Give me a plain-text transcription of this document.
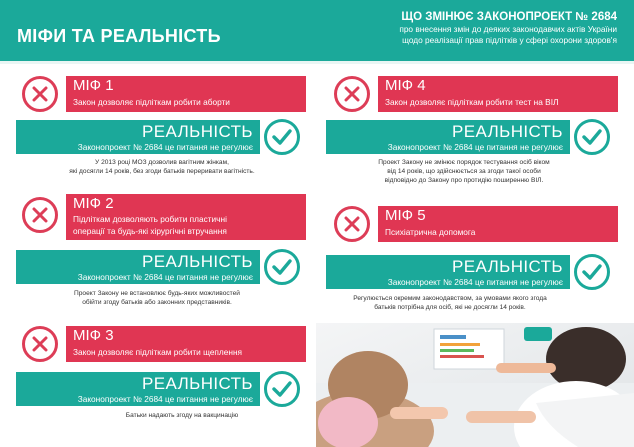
МІФИ ТА РЕАЛЬНІСТЬ
ЩО ЗМІНЮЄ ЗАКОНОПРОЕКТ № 2684
про внесення змін до деяких законодавчих актів України
щодо реалізації прав підлітків у сфері охорони здоров'я
МІФ 1
Закон дозволяє підліткам робити аборти
РЕАЛЬНІСТЬ
Законопроект № 2684 це питання не регулює
У 2013 році МОЗ дозволив вагітним жінкам,
які досягли 14 років, без згоди батьків переривати вагітність.
МІФ 2
Підліткам дозволяють робити пластичні
операції та будь-які хірургічні втручання
РЕАЛЬНІСТЬ
Законопроект № 2684 це питання не регулює
Проект Закону не встановлює будь-яких можливостей
обійти згоду батьків або законних представників.
МІФ 3
Закон дозволяє підліткам робити щеплення
РЕАЛЬНІСТЬ
Законопроект № 2684 це питання не регулює
Батьки надають згоду на вакцинацію
МІФ 4
Закон дозволяє підліткам робити тест на ВІЛ
РЕАЛЬНІСТЬ
Законопроект № 2684 це питання не регулює
Проект Закону не змінює порядок тестування осіб віком
від 14 років, що здійснюється за згоди такої особи
відповідно до Закону про протидію поширенню ВІЛ.
МІФ 5
Психіатрична допомога
РЕАЛЬНІСТЬ
Законопроект № 2684 це питання не регулює
Регулюється окремим законодавством, за умовами якого згода
батьків потрібна для осіб, які не досягли 14 років.
